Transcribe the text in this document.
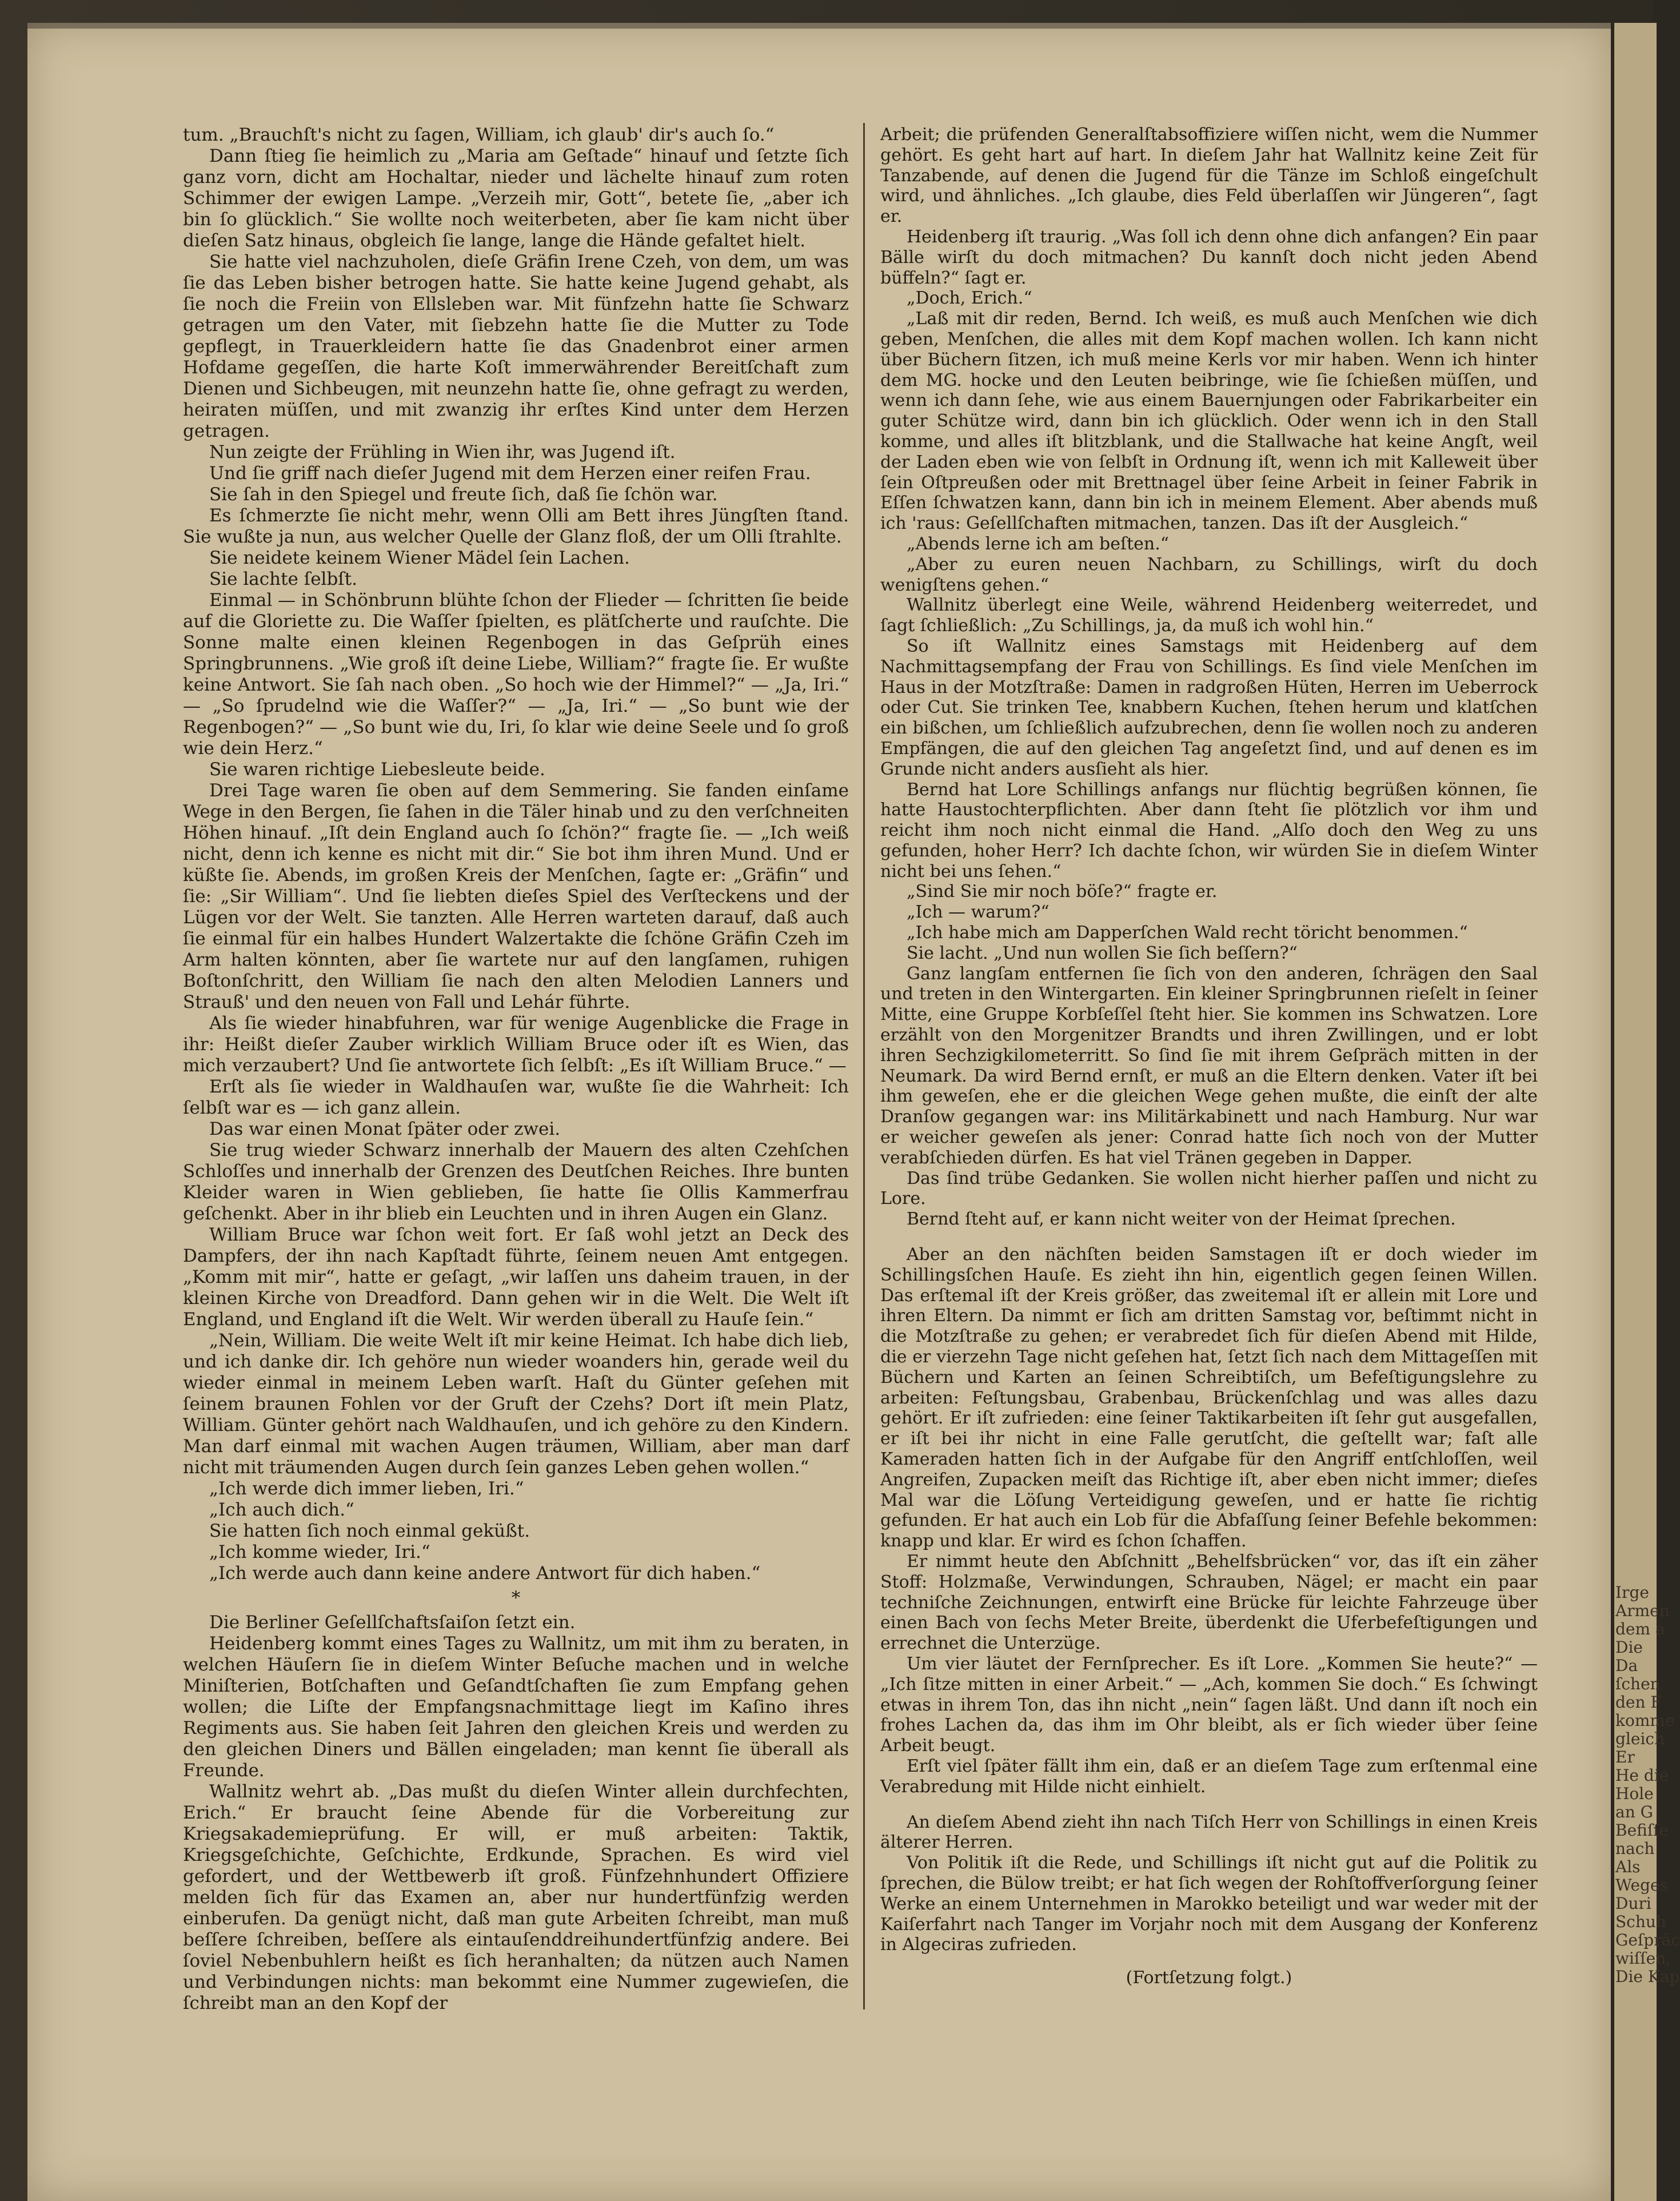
Irge
Armen
dem a
Die
Da
ſchen
den F
komme
gleich
Er
He die
Hole
an G
Befiſſe
nach
Als
Weges
Duri
Schuh
Geſpräc
wiſſen,
Die Kap

tum. „Brauchſt's nicht zu ſagen, William, ich glaub' dir's auch ſo.“

Dann ſtieg ſie heimlich zu „Maria am Geſtade“ hinauf und ſetzte ſich ganz vorn, dicht am Hochaltar, nieder und lächelte hinauf zum roten Schimmer der ewigen Lampe. „Verzeih mir, Gott“, betete ſie, „aber ich bin ſo glücklich.“ Sie wollte noch weiterbeten, aber ſie kam nicht über dieſen Satz hinaus, obgleich ſie lange, lange die Hände gefaltet hielt.

Sie hatte viel nachzuholen, dieſe Gräfin Irene Czeh, von dem, um was ſie das Leben bisher betrogen hatte. Sie hatte keine Jugend gehabt, als ſie noch die Freiin von Ellsleben war. Mit fünfzehn hatte ſie Schwarz getragen um den Vater, mit ſiebzehn hatte ſie die Mutter zu Tode gepflegt, in Trauerkleidern hatte ſie das Gnadenbrot einer armen Hofdame gegeſſen, die harte Koſt immerwährender Bereitſchaft zum Dienen und Sichbeugen, mit neunzehn hatte ſie, ohne gefragt zu werden, heiraten müſſen, und mit zwanzig ihr erſtes Kind unter dem Herzen getragen.

Nun zeigte der Frühling in Wien ihr, was Jugend iſt.

Und ſie griff nach dieſer Jugend mit dem Herzen einer reifen Frau.

Sie ſah in den Spiegel und freute ſich, daß ſie ſchön war.

Es ſchmerzte ſie nicht mehr, wenn Olli am Bett ihres Jüngſten ſtand. Sie wußte ja nun, aus welcher Quelle der Glanz floß, der um Olli ſtrahlte.

Sie neidete keinem Wiener Mädel ſein Lachen.

Sie lachte ſelbſt.

Einmal — in Schönbrunn blühte ſchon der Flieder — ſchritten ſie beide auf die Gloriette zu. Die Waſſer ſpielten, es plätſcherte und rauſchte. Die Sonne malte einen kleinen Regenbogen in das Geſprüh eines Springbrunnens. „Wie groß iſt deine Liebe, William?“ fragte ſie. Er wußte keine Antwort. Sie ſah nach oben. „So hoch wie der Himmel?“ — „Ja, Iri.“ — „So ſprudelnd wie die Waſſer?“ — „Ja, Iri.“ — „So bunt wie der Regenbogen?“ — „So bunt wie du, Iri, ſo klar wie deine Seele und ſo groß wie dein Herz.“

Sie waren richtige Liebesleute beide.

Drei Tage waren ſie oben auf dem Semmering. Sie fanden einſame Wege in den Bergen, ſie ſahen in die Täler hinab und zu den verſchneiten Höhen hinauf. „Iſt dein England auch ſo ſchön?“ fragte ſie. — „Ich weiß nicht, denn ich kenne es nicht mit dir.“ Sie bot ihm ihren Mund. Und er küßte ſie. Abends, im großen Kreis der Menſchen, ſagte er: „Gräfin“ und ſie: „Sir William“. Und ſie liebten dieſes Spiel des Verſteckens und der Lügen vor der Welt. Sie tanzten. Alle Herren warteten darauf, daß auch ſie einmal für ein halbes Hundert Walzertakte die ſchöne Gräfin Czeh im Arm halten könnten, aber ſie wartete nur auf den langſamen, ruhigen Boſtonſchritt, den William ſie nach den alten Melodien Lanners und Strauß' und den neuen von Fall und Lehár führte.

Als ſie wieder hinabfuhren, war für wenige Augenblicke die Frage in ihr: Heißt dieſer Zauber wirklich William Bruce oder iſt es Wien, das mich verzaubert? Und ſie antwortete ſich ſelbſt: „Es iſt William Bruce.“ —

Erſt als ſie wieder in Waldhauſen war, wußte ſie die Wahrheit: Ich ſelbſt war es — ich ganz allein.

Das war einen Monat ſpäter oder zwei.

Sie trug wieder Schwarz innerhalb der Mauern des alten Czehſchen Schloſſes und innerhalb der Grenzen des Deutſchen Reiches. Ihre bunten Kleider waren in Wien geblieben, ſie hatte ſie Ollis Kammerfrau geſchenkt. Aber in ihr blieb ein Leuchten und in ihren Augen ein Glanz.

William Bruce war ſchon weit fort. Er ſaß wohl jetzt an Deck des Dampfers, der ihn nach Kapſtadt führte, ſeinem neuen Amt entgegen. „Komm mit mir“, hatte er geſagt, „wir laſſen uns daheim trauen, in der kleinen Kirche von Dreadford. Dann gehen wir in die Welt. Die Welt iſt England, und England iſt die Welt. Wir werden überall zu Hauſe ſein.“

„Nein, William. Die weite Welt iſt mir keine Heimat. Ich habe dich lieb, und ich danke dir. Ich gehöre nun wieder woanders hin, gerade weil du wieder einmal in meinem Leben warſt. Haſt du Günter geſehen mit ſeinem braunen Fohlen vor der Gruft der Czehs? Dort iſt mein Platz, William. Günter gehört nach Waldhauſen, und ich gehöre zu den Kindern. Man darf einmal mit wachen Augen träumen, William, aber man darf nicht mit träumenden Augen durch ſein ganzes Leben gehen wollen.“

„Ich werde dich immer lieben, Iri.“

„Ich auch dich.“

Sie hatten ſich noch einmal geküßt.

„Ich komme wieder, Iri.“

„Ich werde auch dann keine andere Antwort für dich haben.“

*

Die Berliner Geſellſchaftsſaiſon ſetzt ein.

Heidenberg kommt eines Tages zu Wallnitz, um mit ihm zu beraten, in welchen Häuſern ſie in dieſem Winter Beſuche machen und in welche Miniſterien, Botſchaften und Geſandtſchaften ſie zum Empfang gehen wollen; die Liſte der Empfangsnachmittage liegt im Kaſino ihres Regiments aus. Sie haben ſeit Jahren den gleichen Kreis und werden zu den gleichen Diners und Bällen eingeladen; man kennt ſie überall als Freunde.

Wallnitz wehrt ab. „Das mußt du dieſen Winter allein durchfechten, Erich.“ Er braucht ſeine Abende für die Vorbereitung zur Kriegsakademieprüfung. Er will, er muß arbeiten: Taktik, Kriegsgeſchichte, Geſchichte, Erdkunde, Sprachen. Es wird viel gefordert, und der Wettbewerb iſt groß. Fünfzehnhundert Offiziere melden ſich für das Examen an, aber nur hundertfünfzig werden einberufen. Da genügt nicht, daß man gute Arbeiten ſchreibt, man muß beſſere ſchreiben, beſſere als eintauſenddreihundertfünfzig andere. Bei ſoviel Nebenbuhlern heißt es ſich heranhalten; da nützen auch Namen und Verbindungen nichts: man bekommt eine Nummer zugewieſen, die ſchreibt man an den Kopf der

Arbeit; die prüfenden Generalſtabsoffiziere wiſſen nicht, wem die Nummer gehört. Es geht hart auf hart. In dieſem Jahr hat Wallnitz keine Zeit für Tanzabende, auf denen die Jugend für die Tänze im Schloß eingeſchult wird, und ähnliches. „Ich glaube, dies Feld überlaſſen wir Jüngeren“, ſagt er.

Heidenberg iſt traurig. „Was ſoll ich denn ohne dich anfangen? Ein paar Bälle wirſt du doch mitmachen? Du kannſt doch nicht jeden Abend büffeln?“ ſagt er.

„Doch, Erich.“

„Laß mit dir reden, Bernd. Ich weiß, es muß auch Menſchen wie dich geben, Menſchen, die alles mit dem Kopf machen wollen. Ich kann nicht über Büchern ſitzen, ich muß meine Kerls vor mir haben. Wenn ich hinter dem MG. hocke und den Leuten beibringe, wie ſie ſchießen müſſen, und wenn ich dann ſehe, wie aus einem Bauernjungen oder Fabrikarbeiter ein guter Schütze wird, dann bin ich glücklich. Oder wenn ich in den Stall komme, und alles iſt blitzblank, und die Stallwache hat keine Angſt, weil der Laden eben wie von ſelbſt in Ordnung iſt, wenn ich mit Kalleweit über ſein Oſtpreußen oder mit Brettnagel über ſeine Arbeit in ſeiner Fabrik in Eſſen ſchwatzen kann, dann bin ich in meinem Element. Aber abends muß ich 'raus: Geſellſchaften mitmachen, tanzen. Das iſt der Ausgleich.“

„Abends lerne ich am beſten.“

„Aber zu euren neuen Nachbarn, zu Schillings, wirſt du doch wenigſtens gehen.“

Wallnitz überlegt eine Weile, während Heidenberg weiterredet, und ſagt ſchließlich: „Zu Schillings, ja, da muß ich wohl hin.“

So iſt Wallnitz eines Samstags mit Heidenberg auf dem Nachmittagsempfang der Frau von Schillings. Es ſind viele Menſchen im Haus in der Motzſtraße: Damen in radgroßen Hüten, Herren im Ueberrock oder Cut. Sie trinken Tee, knabbern Kuchen, ſtehen herum und klatſchen ein bißchen, um ſchließlich aufzubrechen, denn ſie wollen noch zu anderen Empfängen, die auf den gleichen Tag angeſetzt ſind, und auf denen es im Grunde nicht anders ausſieht als hier.

Bernd hat Lore Schillings anfangs nur flüchtig begrüßen können, ſie hatte Haustochterpflichten. Aber dann ſteht ſie plötzlich vor ihm und reicht ihm noch nicht einmal die Hand. „Alſo doch den Weg zu uns gefunden, hoher Herr? Ich dachte ſchon, wir würden Sie in dieſem Winter nicht bei uns ſehen.“

„Sind Sie mir noch böſe?“ fragte er.

„Ich — warum?“

„Ich habe mich am Dapperſchen Wald recht töricht benommen.“

Sie lacht. „Und nun wollen Sie ſich beſſern?“

Ganz langſam entfernen ſie ſich von den anderen, ſchrägen den Saal und treten in den Wintergarten. Ein kleiner Springbrunnen rieſelt in ſeiner Mitte, eine Gruppe Korbſeſſel ſteht hier. Sie kommen ins Schwatzen. Lore erzählt von den Morgenitzer Brandts und ihren Zwillingen, und er lobt ihren Sechzigkilometerritt. So ſind ſie mit ihrem Geſpräch mitten in der Neumark. Da wird Bernd ernſt, er muß an die Eltern denken. Vater iſt bei ihm geweſen, ehe er die gleichen Wege gehen mußte, die einſt der alte Dranſow gegangen war: ins Militärkabinett und nach Hamburg. Nur war er weicher geweſen als jener: Conrad hatte ſich noch von der Mutter verabſchieden dürfen. Es hat viel Tränen gegeben in Dapper.

Das ſind trübe Gedanken. Sie wollen nicht hierher paſſen und nicht zu Lore.

Bernd ſteht auf, er kann nicht weiter von der Heimat ſprechen.

Aber an den nächſten beiden Samstagen iſt er doch wieder im Schillingsſchen Hauſe. Es zieht ihn hin, eigentlich gegen ſeinen Willen. Das erſtemal iſt der Kreis größer, das zweitemal iſt er allein mit Lore und ihren Eltern. Da nimmt er ſich am dritten Samstag vor, beſtimmt nicht in die Motzſtraße zu gehen; er verabredet ſich für dieſen Abend mit Hilde, die er vierzehn Tage nicht geſehen hat, ſetzt ſich nach dem Mittageſſen mit Büchern und Karten an ſeinen Schreibtiſch, um Befeſtigungslehre zu arbeiten: Feſtungsbau, Grabenbau, Brückenſchlag und was alles dazu gehört. Er iſt zufrieden: eine ſeiner Taktikarbeiten iſt ſehr gut ausgefallen, er iſt bei ihr nicht in eine Falle gerutſcht, die geſtellt war; faſt alle Kameraden hatten ſich in der Aufgabe für den Angriff entſchloſſen, weil Angreifen, Zupacken meiſt das Richtige iſt, aber eben nicht immer; dieſes Mal war die Löſung Verteidigung geweſen, und er hatte ſie richtig gefunden. Er hat auch ein Lob für die Abfaſſung ſeiner Befehle bekommen: knapp und klar. Er wird es ſchon ſchaffen.

Er nimmt heute den Abſchnitt „Behelfsbrücken“ vor, das iſt ein zäher Stoff: Holzmaße, Verwindungen, Schrauben, Nägel; er macht ein paar techniſche Zeichnungen, entwirft eine Brücke für leichte Fahrzeuge über einen Bach von ſechs Meter Breite, überdenkt die Uferbefeſtigungen und errechnet die Unterzüge.

Um vier läutet der Fernſprecher. Es iſt Lore. „Kommen Sie heute?“ — „Ich ſitze mitten in einer Arbeit.“ — „Ach, kommen Sie doch.“ Es ſchwingt etwas in ihrem Ton, das ihn nicht „nein“ ſagen läßt. Und dann iſt noch ein frohes Lachen da, das ihm im Ohr bleibt, als er ſich wieder über ſeine Arbeit beugt.

Erſt viel ſpäter fällt ihm ein, daß er an dieſem Tage zum erſtenmal eine Verabredung mit Hilde nicht einhielt.

An dieſem Abend zieht ihn nach Tiſch Herr von Schillings in einen Kreis älterer Herren.

Von Politik iſt die Rede, und Schillings iſt nicht gut auf die Politik zu ſprechen, die Bülow treibt; er hat ſich wegen der Rohſtoffverſorgung ſeiner Werke an einem Unternehmen in Marokko beteiligt und war weder mit der Kaiſerfahrt nach Tanger im Vorjahr noch mit dem Ausgang der Konferenz in Algeciras zufrieden.

(Fortſetzung folgt.)
